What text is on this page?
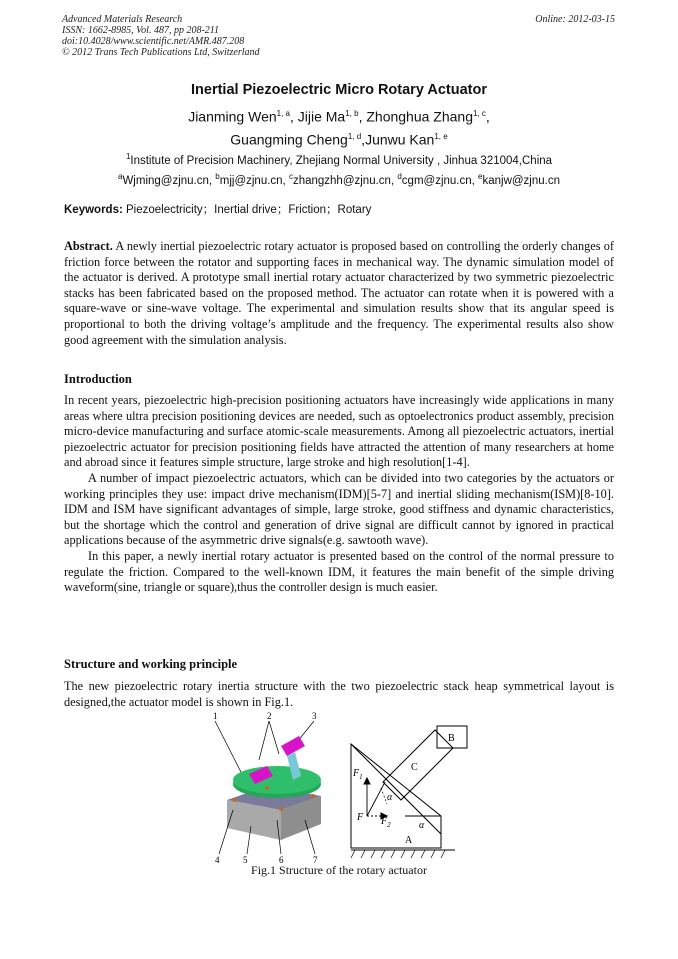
Advanced Materials Research
ISSN: 1662-8985, Vol. 487, pp 208-211
doi:10.4028/www.scientific.net/AMR.487.208
© 2012 Trans Tech Publications Ltd, Switzerland
Online: 2012-03-15
Inertial Piezoelectric Micro Rotary Actuator
Jianming Wen$^{1, a}$, Jijie Ma$^{1, b}$, Zhonghua Zhang$^{1, c}$,
Guangming Cheng$^{1, d}$,Junwu Kan$^{1, e}$
$^1$Institute of Precision Machinery, Zhejiang Normal University , Jinhua 321004,China
$^a$Wjming@zjnu.cn, $^b$mjj@zjnu.cn, $^c$zhangzhh@zjnu.cn, $^d$cgm@zjnu.cn, $^e$kanjw@zjnu.cn
Keywords: Piezoelectricity；Inertial drive；Friction；Rotary

Abstract. A newly inertial piezoelectric rotary actuator is proposed based on controlling the orderly changes of friction force between the rotator and supporting faces in mechanical way. The dynamic simulation model of the actuator is derived. A prototype small inertial rotary actuator characterized by two symmetric piezoelectric stacks has been fabricated based on the proposed method. The actuator can rotate when it is powered with a square-wave or sine-wave voltage. The experimental and simulation results show that its angular speed is proportional to both the driving voltage’s amplitude and the frequency. The experimental results also show good agreement with the simulation analysis.

Introduction

In recent years, piezoelectric high-precision positioning actuators have increasingly wide applications in many areas where ultra precision positioning devices are needed, such as optoelectronics product assembly, precision micro-device manufacturing and surface atomic-scale measurements. Among all piezoelectric actuators, inertial piezoelectric actuator for precision positioning fields have attracted the attention of many researchers at home and abroad since it features simple structure, large stroke and high resolution[1-4].

A number of impact piezoelectric actuators, which can be divided into two categories by the actuators or working principles they use: impact drive mechanism(IDM)[5-7] and inertial sliding mechanism(ISM)[8-10]. IDM and ISM have significant advantages of simple, large stroke, good stiffness and dynamic characteristics, but the shortage which the control and generation of drive signal are difficult cannot by ignored in practical applications because of the asymmetric drive signals(e.g. sawtooth wave).

In this paper, a newly inertial rotary actuator is presented based on the control of the normal pressure to regulate the friction. Compared to the well-known IDM, it features the main benefit of the simple driving waveform(sine, triangle or square),thus the controller design is much easier.

Structure and working principle

The new piezoelectric rotary inertia structure with the two piezoelectric stack heap symmetrical layout is designed,the actuator model is shown in Fig.1.

1	2	3
4	5	6	7
B
C
A
$F_1$
F $F_2$
α
α
Fig.1 Structure of the rotary actuator
